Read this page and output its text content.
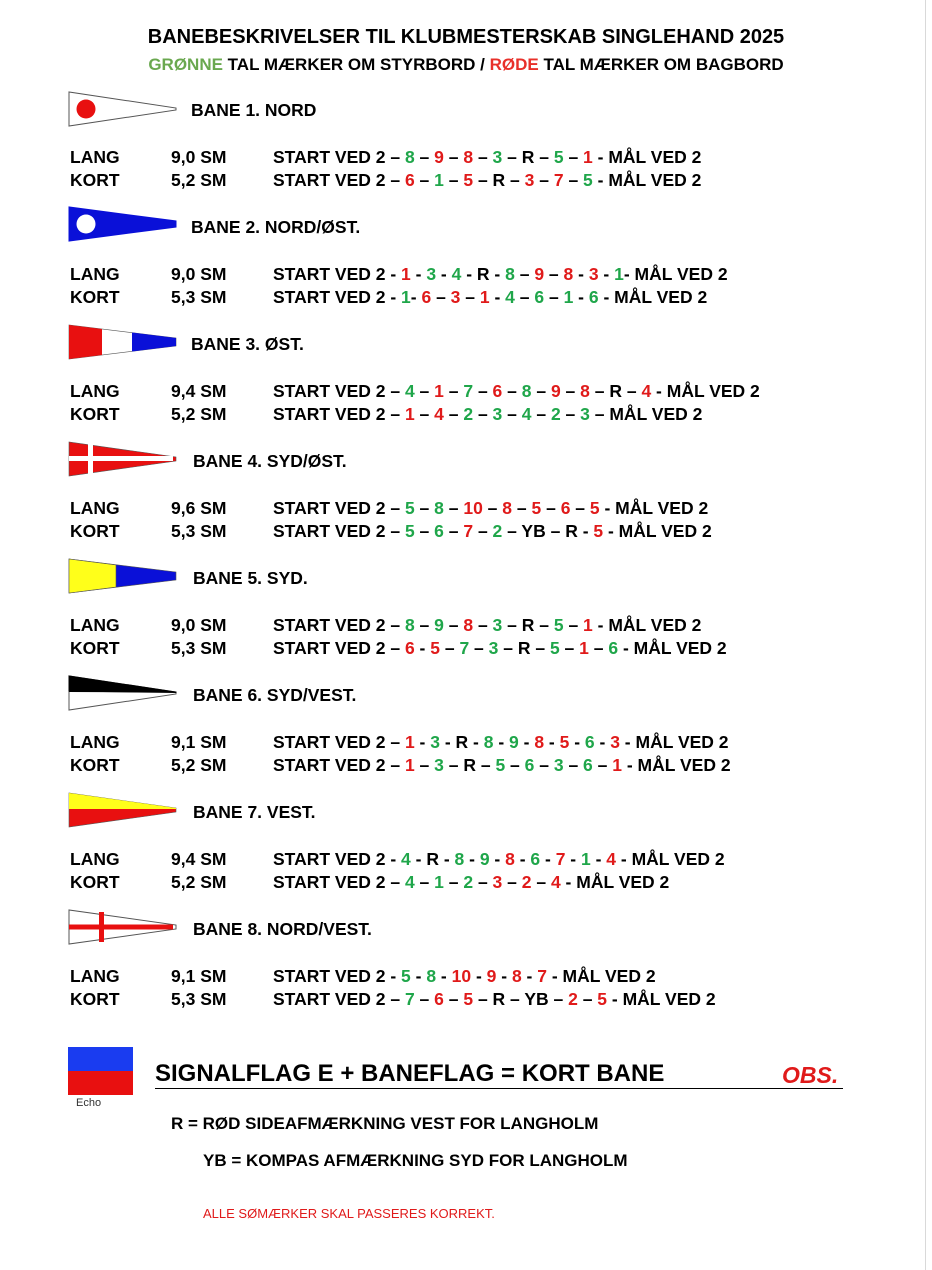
BANEBESKRIVELSER TIL KLUBMESTERSKAB SINGLEHAND 2025
GRØNNE TAL MÆRKER OM STYRBORD / RØDE TAL MÆRKER OM BAGBORD
BANE 1. NORD
BANE 2. NORD/ØST.
BANE 3. ØST.
BANE 4. SYD/ØST.
BANE 5. SYD.
BANE 6. SYD/VEST.
BANE 7. VEST.
BANE 8. NORD/VEST.
LANG	9,0 SM	START VED 2 – 8 – 9 – 8 – 3 – R – 5 – 1 - MÅL VED 2
KORT	5,2 SM	START VED 2 – 6 – 1 – 5 – R – 3 – 7 – 5 - MÅL VED 2
LANG	9,0 SM	START VED 2 - 1 - 3 - 4 - R - 8 – 9 – 8 - 3 - 1- MÅL VED 2
KORT	5,3 SM	START VED 2 - 1- 6 – 3 – 1 - 4 – 6 – 1 - 6 - MÅL VED 2
LANG	9,4 SM	START VED 2 – 4 – 1 – 7 – 6 – 8 – 9 – 8 – R – 4 - MÅL VED 2
KORT	5,2 SM	START VED 2 – 1 – 4 – 2 – 3 – 4 – 2 – 3 – MÅL VED 2
LANG	9,6 SM	START VED 2 – 5 – 8 – 10 – 8 – 5 – 6 – 5 - MÅL VED 2
KORT	5,3 SM	START VED 2 – 5 – 6 – 7 – 2 – YB – R - 5 - MÅL VED 2
LANG	9,0 SM	START VED 2 – 8 – 9 – 8 – 3 – R – 5 – 1 - MÅL VED 2
KORT	5,3 SM	START VED 2 – 6 - 5 – 7 – 3 – R – 5 – 1 – 6 - MÅL VED 2
LANG	9,1 SM	START VED 2 – 1 - 3 - R - 8 - 9 - 8 - 5 - 6 - 3 - MÅL VED 2
KORT	5,2 SM	START VED 2 – 1 – 3 – R – 5 – 6 – 3 – 6 – 1 - MÅL VED 2
LANG	9,4 SM	START VED 2 - 4 - R - 8 - 9 - 8 - 6 - 7 - 1 - 4 - MÅL VED 2
KORT	5,2 SM	START VED 2 – 4 – 1 – 2 – 3 – 2 – 4 - MÅL VED 2
LANG	9,1 SM	START VED 2 - 5 - 8 - 10 - 9 - 8 - 7 - MÅL VED 2
KORT	5,3 SM	START VED 2 – 7 – 6 – 5 – R – YB – 2 – 5 - MÅL VED 2
Echo
SIGNALFLAG E + BANEFLAG = KORT BANE	OBS.
R = RØD SIDEAFMÆRKNING VEST FOR LANGHOLM
YB = KOMPAS AFMÆRKNING SYD FOR LANGHOLM
ALLE SØMÆRKER SKAL PASSERES KORREKT.
